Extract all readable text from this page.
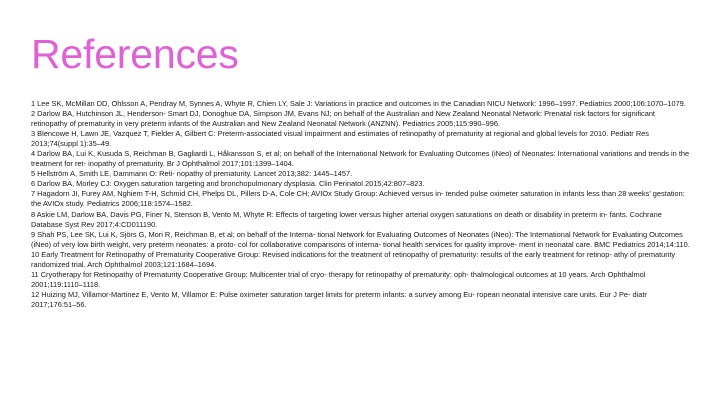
References
1 Lee SK, McMillan DD, Ohlsson A, Pendray M, Synnes A, Whyte R, Chien LY, Sale J: Variations in practice and outcomes in the Canadian NICU Network: 1996–1997. Pediatrics 2000;106:1070–1079.
2 Darlow BA, Hutchinson JL, Henderson- Smart DJ, Donoghue DA, Simpson JM, Evans NJ; on behalf of the Australian and New Zealand Neonatal Network: Prenatal risk factors for significant retinopathy of prematurity in very preterm infants of the Australian and New Zealand Neonatal Network (ANZNN). Pediatrics 2005;115:990–996.
3 Blencowe H, Lawn JE, Vazquez T, Fielder A, Gilbert C: Preterm-associated visual impairment and estimates of retinopathy of prematurity at regional and global levels for 2010. Pediatr Res 2013;74(suppl 1):35–49.
4 Darlow BA, Lui K, Kusuda S, Reichman B, Gagliardi L, Håkansson S, et al; on behalf of the International Network for Evaluating Outcomes (iNeo) of Neonates: International variations and trends in the treatment for ret- inopathy of prematurity. Br J Ophthalmol 2017;101:1399–1404.
5 Hellström A, Smith LE, Dammann O: Reti- nopathy of prematurity. Lancet 2013;382: 1445–1457.
6 Darlow BA, Morley CJ: Oxygen saturation targeting and bronchopulmonary dysplasia. Clin Perinatol 2015;42:807–823.
7 Hagadorn JI, Furey AM, Nghiem T-H, Schmid CH, Phelps DL, Pillers D-A, Cole CH; AVIOx Study Group: Achieved versus in- tended pulse oximeter saturation in infants less than 28 weeks’ gestation: the AVIOx study. Pediatrics 2006;118:1574–1582.
8 Askie LM, Darlow BA, Davis PG, Finer N, Stenson B, Vento M, Whyte R: Effects of targeting lower versus higher arterial oxygen saturations on death or disability in preterm in- fants. Cochrane Database Syst Rev 2017;4:CD011190.
9 Shah PS, Lee SK, Lui K, Sjörs G, Mori R, Reichman B, et al; on behalf of the Interna- tional Network for Evaluating Outcomes of Neonates (iNeo): The International Network for Evaluating Outcomes (iNeo) of very low birth weight, very preterm neonates: a proto- col for collaborative comparisons of interna- tional health services for quality improve- ment in neonatal care. BMC Pediatrics 2014;14:110.
10 Early Treatment for Retinopathy of Prematurity Cooperative Group: Revised indications for the treatment of retinopathy of prematurity: results of the early treatment for retinop- athy of prematurity randomized trial. Arch Ophthalmol 2003;121:1684–1694.
11 Cryotherapy for Retinopathy of Prematurity Cooperative Group: Multicenter trial of cryo- therapy for retinopathy of prematurity: oph- thalmological outcomes at 10 years. Arch Ophthalmol 2001;119:1110–1118.
12 Huizing MJ, Villamor-Martinez E, Vento M, Villamor E: Pulse oximeter saturation target limits for preterm infants: a survey among Eu- ropean neonatal intensive care units. Eur J Pe- diatr 2017;176:51–56.
